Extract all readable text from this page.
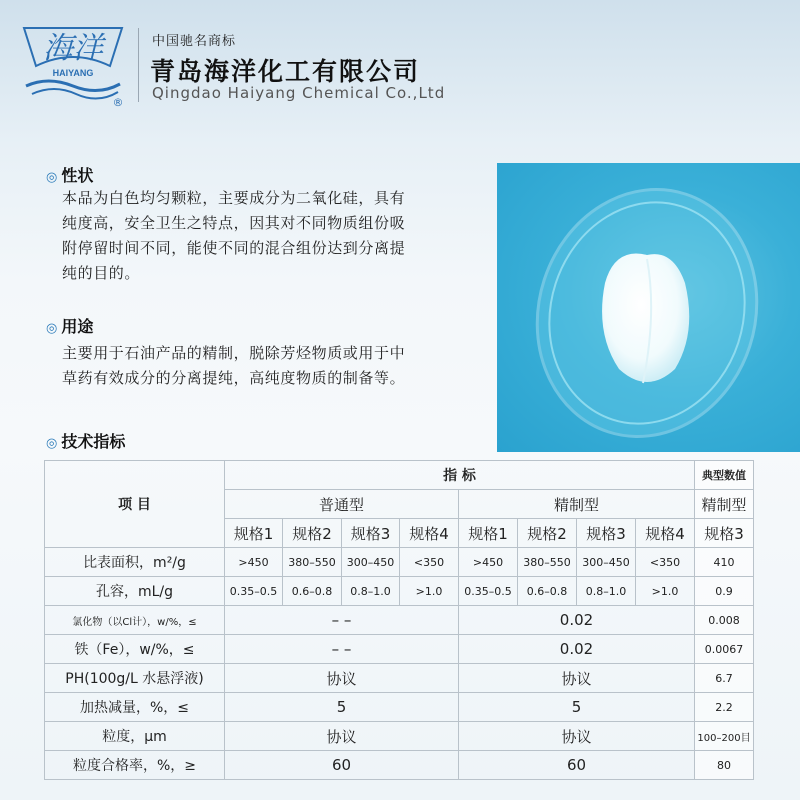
海洋
HAIYANG
®
中国驰名商标
青岛海洋化工有限公司
Qingdao Haiyang Chemical Co.,Ltd
◎ 性状
本品为白色均匀颗粒，主要成分为二氧化硅，具有
纯度高，安全卫生之特点，因其对不同物质组份吸
附停留时间不同，能使不同的混合组份达到分离提
纯的目的。
◎ 用途
主要用于石油产品的精制，脱除芳烃物质或用于中
草药有效成分的分离提纯，高纯度物质的制备等。
◎ 技术指标
项 目	指 标								典型数值
	普通型				精制型				精制型
	规格1	规格2	规格3	规格4	规格1	规格2	规格3	规格4	规格3
比表面积，m²/g	>450	380–550	300–450	<350	>450	380–550	300–450	<350	410
孔容，mL/g	0.35–0.5	0.6–0.8	0.8–1.0	>1.0	0.35–0.5	0.6–0.8	0.8–1.0	>1.0	0.9
氯化物（以Cl计），w/%，≤	– –				0.02				0.008
铁（Fe），w/%，≤	– –				0.02				0.0067
PH(100g/L 水悬浮液)	协议				协议				6.7
加热减量，%，≤	5				5				2.2
粒度，μm	协议				协议				100–200目
粒度合格率，%，≥	60				60				80
